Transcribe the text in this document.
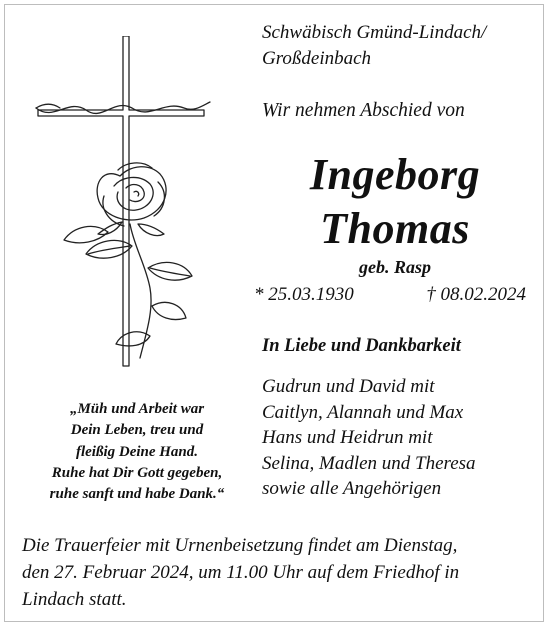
Schwäbisch Gmünd-Lindach/
Großdeinbach
Wir nehmen Abschied von
Ingeborg
Thomas
geb. Rasp
* 25.03.1930	† 08.02.2024
In Liebe und Dankbarkeit
Gudrun und David mit
Caitlyn, Alannah und Max
Hans und Heidrun mit
Selina, Madlen und Theresa
sowie alle Angehörigen
„Müh und Arbeit war
Dein Leben, treu und
fleißig Deine Hand.
Ruhe hat Dir Gott gegeben,
ruhe sanft und habe Dank.“
Die Trauerfeier mit Urnenbeisetzung findet am Dienstag,
den 27. Februar 2024, um 11.00 Uhr auf dem Friedhof in
Lindach statt.
